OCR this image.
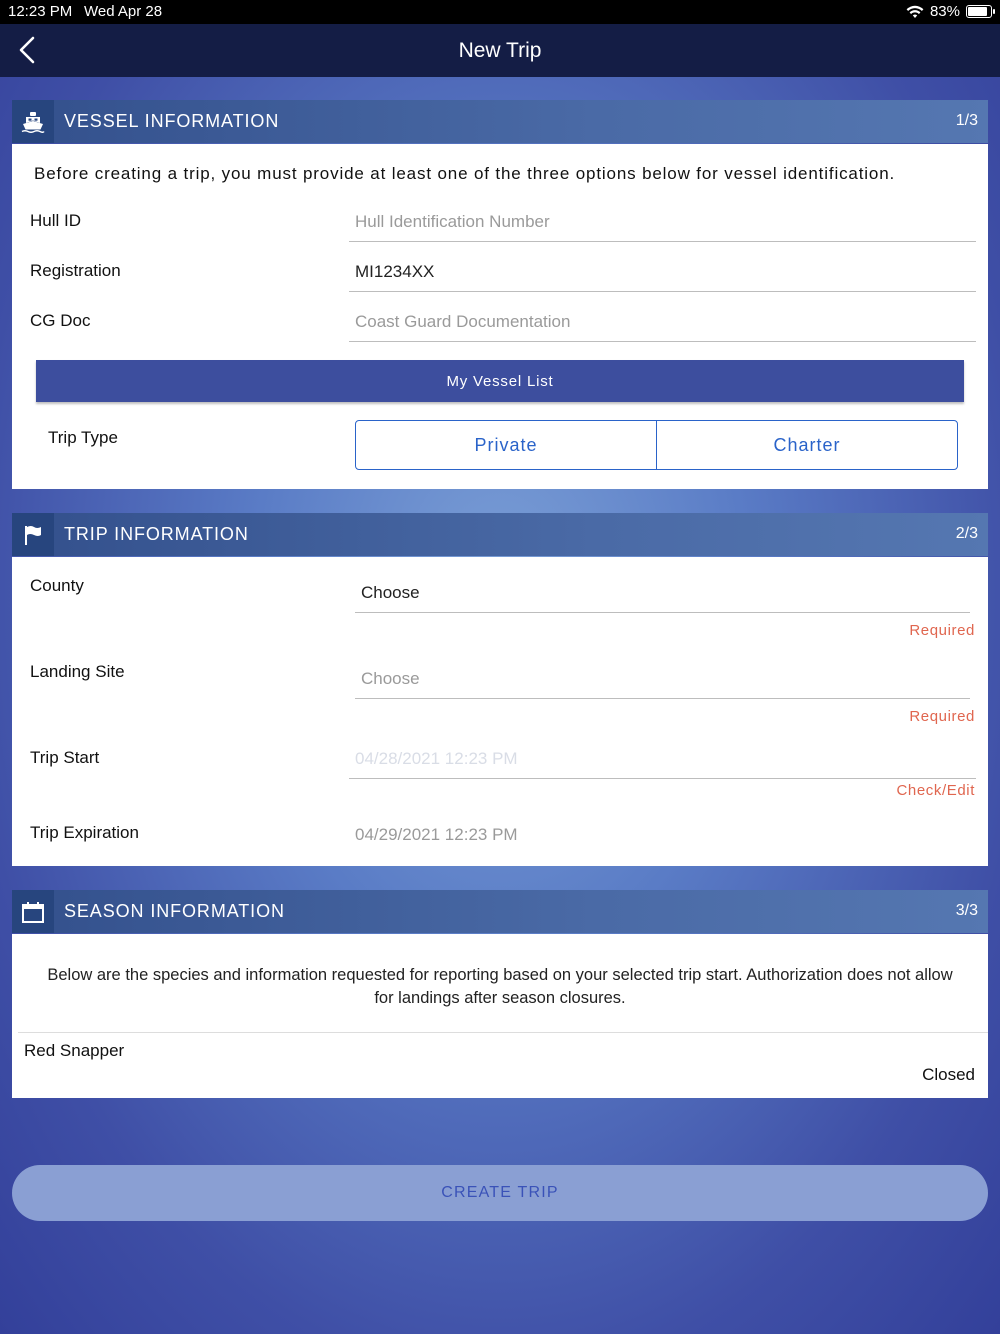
12:23 PM Wed Apr 28	83%
New Trip
VESSEL INFORMATION	1/3
Before creating a trip, you must provide at least one of the three options below for vessel identification.
Hull ID	Hull Identification Number
Registration	MI1234XX
CG Doc	Coast Guard Documentation
My Vessel List
Trip Type	Private	Charter
TRIP INFORMATION	2/3
County	Choose
Required
Landing Site	Choose
Required
Trip Start	04/28/2021 12:23 PM
Check/Edit
Trip Expiration	04/29/2021 12:23 PM
SEASON INFORMATION	3/3
Below are the species and information requested for reporting based on your selected trip start. Authorization does not allow for landings after season closures.
Red Snapper
Closed
CREATE TRIP
